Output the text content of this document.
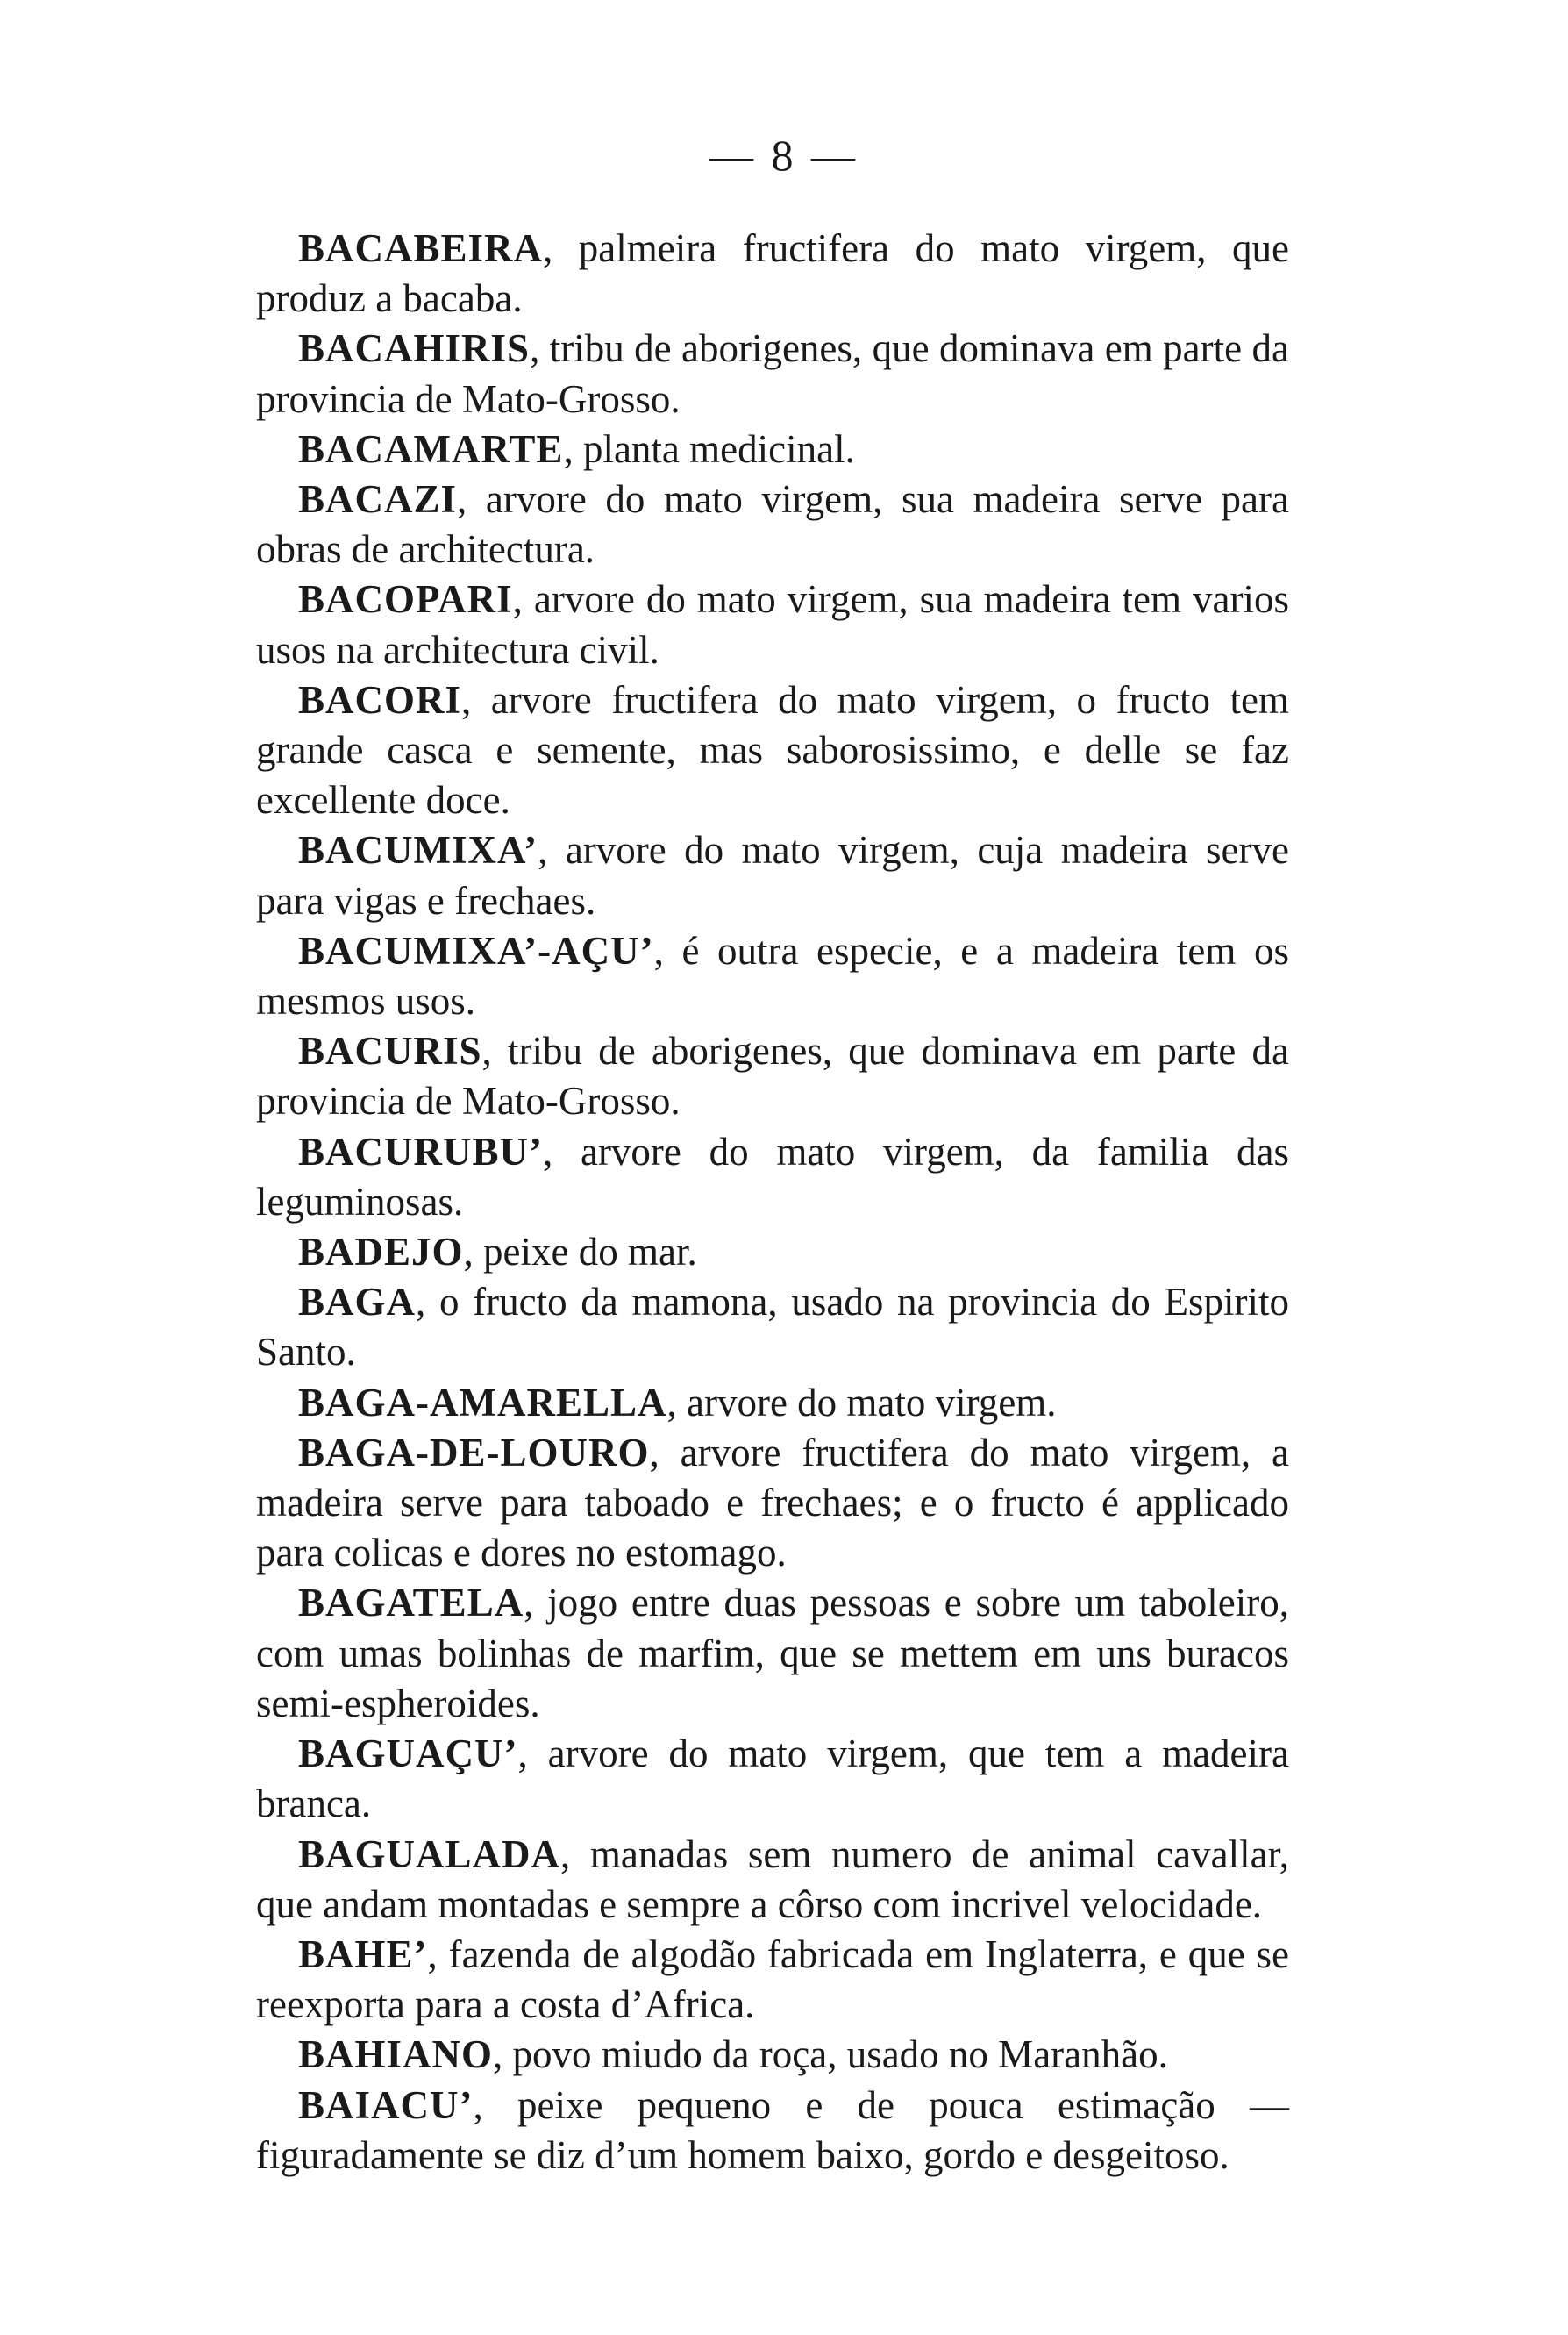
— 8 —

BACABEIRA, palmeira fructifera do mato virgem, que produz a bacaba.

BACAHIRIS, tribu de aborigenes, que dominava em parte da provincia de Mato-Grosso.

BACAMARTE, planta medicinal.

BACAZI, arvore do mato virgem, sua madeira serve para obras de architectura.

BACOPARI, arvore do mato virgem, sua madeira tem varios usos na architectura civil.

BACORI, arvore fructifera do mato virgem, o fructo tem grande casca e semente, mas saborosissimo, e delle se faz excellente doce.

BACUMIXA’, arvore do mato virgem, cuja madeira serve para vigas e frechaes.

BACUMIXA’-AÇU’, é outra especie, e a madeira tem os mesmos usos.

BACURIS, tribu de aborigenes, que dominava em parte da provincia de Mato-Grosso.

BACURUBU’, arvore do mato virgem, da familia das leguminosas.

BADEJO, peixe do mar.

BAGA, o fructo da mamona, usado na provincia do Espirito Santo.

BAGA-AMARELLA, arvore do mato virgem.

BAGA-DE-LOURO, arvore fructifera do mato virgem, a madeira serve para taboado e frechaes; e o fructo é applicado para colicas e dores no estomago.

BAGATELA, jogo entre duas pessoas e sobre um taboleiro, com umas bolinhas de marfim, que se mettem em uns buracos semi-espheroides.

BAGUAÇU’, arvore do mato virgem, que tem a madeira branca.

BAGUALADA, manadas sem numero de animal cavallar, que andam montadas e sempre a côrso com incrivel velocidade.

BAHE’, fazenda de algodão fabricada em Inglaterra, e que se reexporta para a costa d’Africa.

BAHIANO, povo miudo da roça, usado no Maranhão.

BAIACU’, peixe pequeno e de pouca estimação — figuradamente se diz d’um homem baixo, gordo e desgeitoso.
